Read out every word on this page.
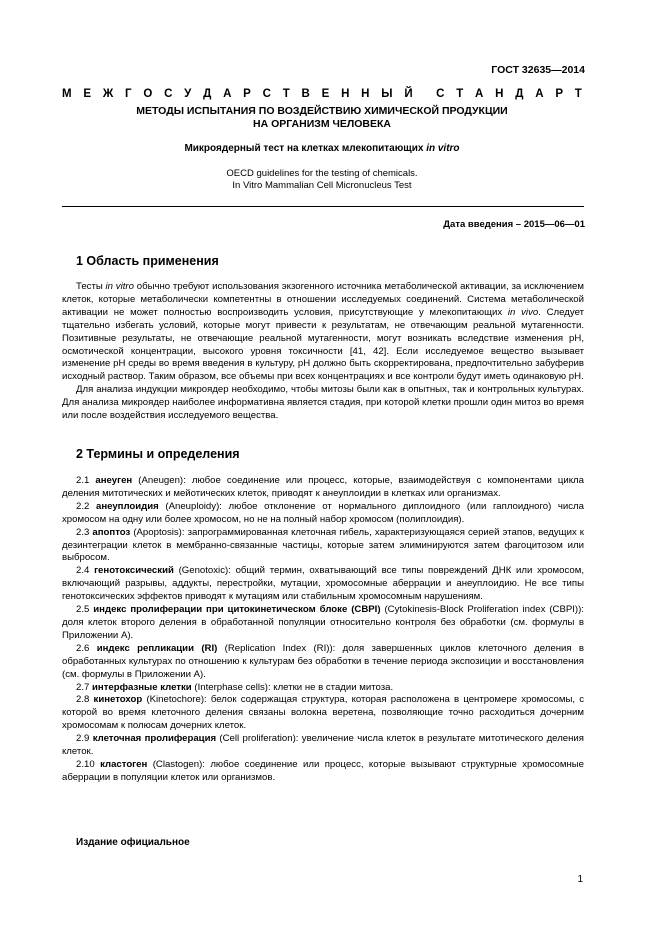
ГОСТ 32635—2014
М Е Ж Г О С У Д А Р С Т В Е Н Н Ы Й С Т А Н Д А Р Т
МЕТОДЫ ИСПЫТАНИЯ ПО ВОЗДЕЙСТВИЮ ХИМИЧЕСКОЙ ПРОДУКЦИИ
НА ОРГАНИЗМ ЧЕЛОВЕКА
Микроядерный тест на клетках млекопитающих in vitro
OECD guidelines for the testing of chemicals.
In Vitro Mammalian Cell Micronucleus Test
Дата введения – 2015—06—01
1 Область применения

Тесты in vitro обычно требуют использования экзогенного источника метаболической активации, за исключением клеток, которые метаболически компетентны в отношении исследуемых соединений. Система метаболической активации не может полностью воспроизводить условия, присутствующие у млекопитающих in vivo. Следует тщательно избегать условий, которые могут привести к результатам, не отвечающим реальной мутагенности. Позитивные результаты, не отвечающие реальной мутагенности, могут возникать вследствие изменения pH, осмотической концентрации, высокого уровня токсичности [41, 42]. Если исследуемое вещество вызывает изменение pH среды во время введения в культуру, pH должно быть скорректирована, предпочтительно забуферив исходный раствор. Таким образом, все объемы при всех концентрациях и все контроли будут иметь одинаковую pH.

Для анализа индукции микроядер необходимо, чтобы митозы были как в опытных, так и контрольных культурах. Для анализа микроядер наиболее информативна является стадия, при которой клетки прошли один митоз во время или после воздействия исследуемого вещества.

2 Термины и определения

2.1 анеуген (Aneugen): любое соединение или процесс, которые, взаимодействуя с компонентами цикла деления митотических и мейотических клеток, приводят к анеуплоидии в клетках или организмах.

2.2 анеуплоидия (Aneuploidy): любое отклонение от нормального диплоидного (или гаплоидного) числа хромосом на одну или более хромосом, но не на полный набор хромосом (полиплоидия).

2.3 апоптоз (Apoptosis): запрограммированная клеточная гибель, характеризующаяся серией этапов, ведущих к дезинтеграции клеток в мембранно-связанные частицы, которые затем элиминируются затем фагоцитозом или выбросом.

2.4 генотоксический (Genotoxic): общий термин, охватывающий все типы повреждений ДНК или хромосом, включающий разрывы, аддукты, перестройки, мутации, хромосомные аберрации и анеуплоидию. Не все типы генотоксических эффектов приводят к мутациям или стабильным хромосомным нарушениям.

2.5 индекс пролиферации при цитокинетическом блоке (CBPI) (Cytokinesis-Block Proliferation index (CBPI)): доля клеток второго деления в обработанной популяции относительно контроля без обработки (см. формулы в Приложении А).

2.6 индекс репликации (RI) (Replication Index (RI)): доля завершенных циклов клеточного деления в обработанных культурах по отношению к культурам без обработки в течение периода экспозиции и восстановления (см. формулы в Приложении А).

2.7 интерфазные клетки (Interphase cells): клетки не в стадии митоза.

2.8 кинетохор (Kinetochore): белок содержащая структура, которая расположена в центромере хромосомы, с которой во время клеточного деления связаны волокна веретена, позволяющие точно расходиться дочерним хромосомам к полюсам дочерних клеток.

2.9 клеточная пролиферация (Cell proliferation): увеличение числа клеток в результате митотического деления клеток.

2.10 кластоген (Clastogen): любое соединение или процесс, которые вызывают структурные хромосомные аберрации в популяции клеток или организмов.

Издание официальное
1
